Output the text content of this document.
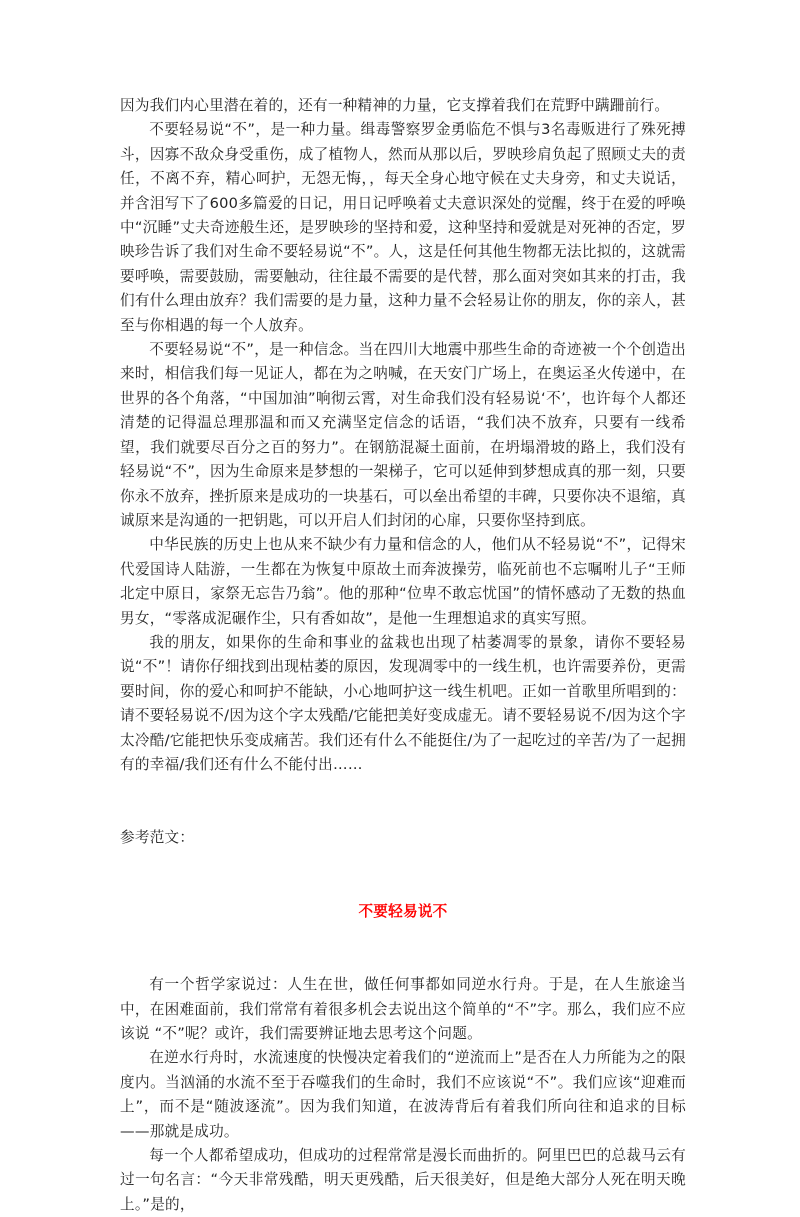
因为我们内心里潜在着的，还有一种精神的力量，它支撑着我们在荒野中蹒跚前行。

不要轻易说“不”，是一种力量。缉毒警察罗金勇临危不惧与3名毒贩进行了殊死搏斗，因寡不敌众身受重伤，成了植物人，然而从那以后，罗映珍肩负起了照顾丈夫的责任，不离不弃，精心呵护，无怨无悔，，每天全身心地守候在丈夫身旁，和丈夫说话，并含泪写下了600多篇爱的日记，用日记呼唤着丈夫意识深处的觉醒，终于在爱的呼唤中“沉睡”丈夫奇迹般生还，是罗映珍的坚持和爱，这种坚持和爱就是对死神的否定，罗映珍告诉了我们对生命不要轻易说“不”。人，这是任何其他生物都无法比拟的，这就需要呼唤，需要鼓励，需要触动，往往最不需要的是代替，那么面对突如其来的打击，我们有什么理由放弃？我们需要的是力量，这种力量不会轻易让你的朋友，你的亲人，甚至与你相遇的每一个人放弃。

不要轻易说“不”，是一种信念。当在四川大地震中那些生命的奇迹被一个个创造出来时，相信我们每一见证人，都在为之呐喊，在天安门广场上，在奥运圣火传递中，在世界的各个角落，“中国加油”响彻云霄，对生命我们没有轻易说‘不’，也许每个人都还清楚的记得温总理那温和而又充满坚定信念的话语，“我们决不放弃，只要有一线希望，我们就要尽百分之百的努力”。在钢筋混凝土面前，在坍塌滑坡的路上，我们没有轻易说“不”，因为生命原来是梦想的一架梯子，它可以延伸到梦想成真的那一刻，只要你永不放弃，挫折原来是成功的一块基石，可以垒出希望的丰碑，只要你决不退缩，真诚原来是沟通的一把钥匙，可以开启人们封闭的心扉，只要你坚持到底。

中华民族的历史上也从来不缺少有力量和信念的人，他们从不轻易说“不”，记得宋代爱国诗人陆游，一生都在为恢复中原故土而奔波操劳，临死前也不忘嘱咐儿子“王师北定中原日，家祭无忘告乃翁”。他的那种“位卑不敢忘忧国”的情怀感动了无数的热血男女，“零落成泥碾作尘，只有香如故”，是他一生理想追求的真实写照。

我的朋友，如果你的生命和事业的盆栽也出现了枯萎凋零的景象，请你不要轻易说“不”！请你仔细找到出现枯萎的原因，发现凋零中的一线生机，也许需要养份，更需要时间，你的爱心和呵护不能缺，小心地呵护这一线生机吧。正如一首歌里所唱到的：请不要轻易说不/因为这个字太残酷/它能把美好变成虚无。请不要轻易说不/因为这个字太冷酷/它能把快乐变成痛苦。我们还有什么不能挺住/为了一起吃过的辛苦/为了一起拥有的幸福/我们还有什么不能付出……

参考范文：

不要轻易说不

有一个哲学家说过：人生在世，做任何事都如同逆水行舟。于是，在人生旅途当中，在困难面前，我们常常有着很多机会去说出这个简单的“不”字。那么，我们应不应该说 “不”呢？或许，我们需要辨证地去思考这个问题。

在逆水行舟时，水流速度的快慢决定着我们的“逆流而上”是否在人力所能为之的限度内。当汹涌的水流不至于吞噬我们的生命时，我们不应该说“不”。我们应该“迎难而上”，而不是“随波逐流”。因为我们知道，在波涛背后有着我们所向往和追求的目标——那就是成功。

每一个人都希望成功，但成功的过程常常是漫长而曲折的。阿里巴巴的总裁马云有过一句名言：“今天非常残酷，明天更残酷，后天很美好，但是绝大部分人死在明天晚上。”是的，
